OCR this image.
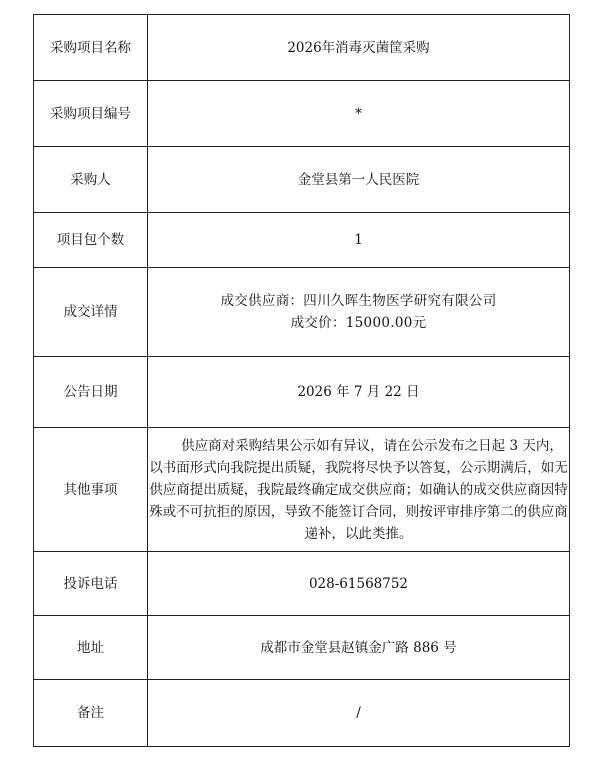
采购项目名称	2026年消毒灭菌筐采购
采购项目编号	*
采购人	金堂县第一人民医院
项目包个数	1
成交详情	成交供应商：四川久晖生物医学研究有限公司
成交价：15000.00元

公告日期	2026 年 7 月 22 日
其他事项	供应商对采购结果公示如有异议，请在公示发布之日起 3 天内，以书面形式向我院提出质疑，我院将尽快予以答复，公示期满后，如无供应商提出质疑，我院最终确定成交供应商；如确认的成交供应商因特殊或不可抗拒的原因，导致不能签订合同，则按评审排序第二的供应商递补，以此类推。
投诉电话	028-61568752
地址	成都市金堂县赵镇金广路 886 号
备注	/
